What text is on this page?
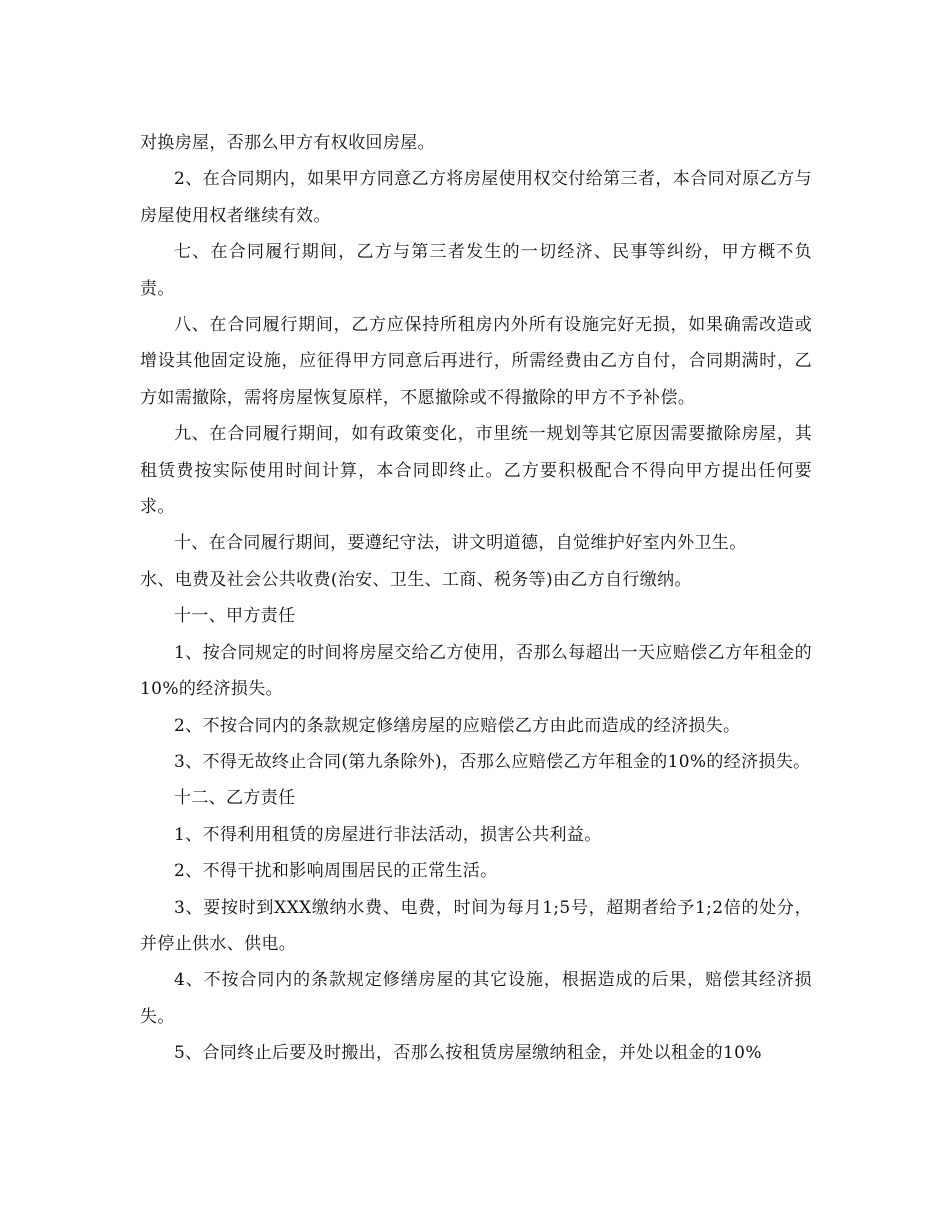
对换房屋，否那么甲方有权收回房屋。

2、在合同期内，如果甲方同意乙方将房屋使用权交付给第三者，本合同对原乙方与房屋使用权者继续有效。

七、在合同履行期间，乙方与第三者发生的一切经济、民事等纠纷，甲方概不负责。

八、在合同履行期间，乙方应保持所租房内外所有设施完好无损，如果确需改造或增设其他固定设施，应征得甲方同意后再进行，所需经费由乙方自付，合同期满时，乙方如需撤除，需将房屋恢复原样，不愿撤除或不得撤除的甲方不予补偿。

九、在合同履行期间，如有政策变化，市里统一规划等其它原因需要撤除房屋，其租赁费按实际使用时间计算，本合同即终止。乙方要积极配合不得向甲方提出任何要求。

十、在合同履行期间，要遵纪守法，讲文明道德，自觉维护好室内外卫生。

水、电费及社会公共收费(治安、卫生、工商、税务等)由乙方自行缴纳。

十一、甲方责任

1、按合同规定的时间将房屋交给乙方使用，否那么每超出一天应赔偿乙方年租金的10%的经济损失。

2、不按合同内的条款规定修缮房屋的应赔偿乙方由此而造成的经济损失。

3、不得无故终止合同(第九条除外)，否那么应赔偿乙方年租金的10%的经济损失。

十二、乙方责任

1、不得利用租赁的房屋进行非法活动，损害公共利益。

2、不得干扰和影响周围居民的正常生活。

3、要按时到XXX缴纳水费、电费，时间为每月1;5号，超期者给予1;2倍的处分，并停止供水、供电。

4、不按合同内的条款规定修缮房屋的其它设施，根据造成的后果，赔偿其经济损失。

5、合同终止后要及时搬出，否那么按租赁房屋缴纳租金，并处以租金的10%
